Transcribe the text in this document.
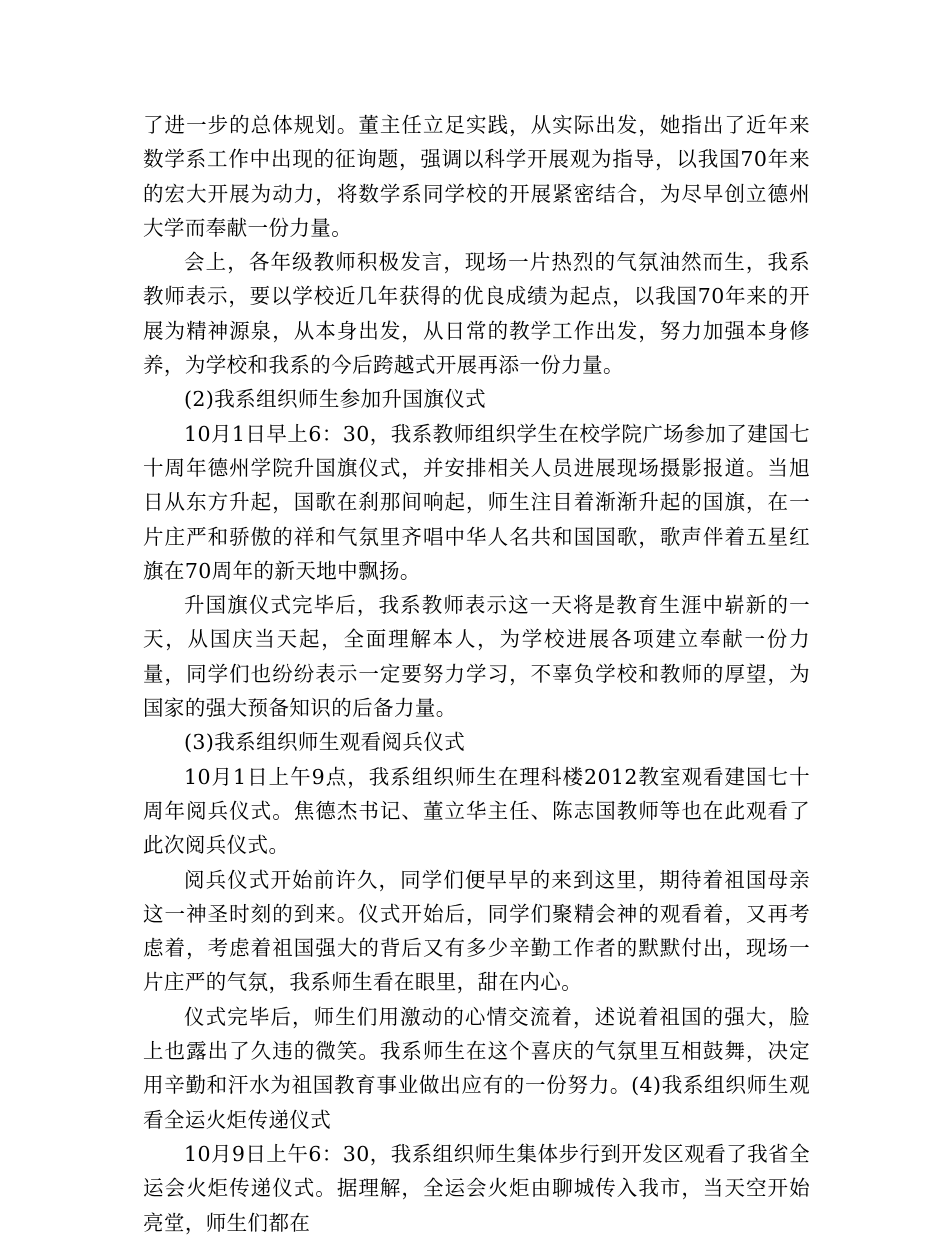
了进一步的总体规划。董主任立足实践，从实际出发，她指出了近年来数学系工作中出现的征询题，强调以科学开展观为指导，以我国70年来的宏大开展为动力，将数学系同学校的开展紧密结合，为尽早创立德州大学而奉献一份力量。

会上，各年级教师积极发言，现场一片热烈的气氛油然而生，我系教师表示，要以学校近几年获得的优良成绩为起点，以我国70年来的开展为精神源泉，从本身出发，从日常的教学工作出发，努力加强本身修养，为学校和我系的今后跨越式开展再添一份力量。

(2)我系组织师生参加升国旗仪式

10月1日早上6：30，我系教师组织学生在校学院广场参加了建国七十周年德州学院升国旗仪式，并安排相关人员进展现场摄影报道。当旭日从东方升起，国歌在刹那间响起，师生注目着渐渐升起的国旗，在一片庄严和骄傲的祥和气氛里齐唱中华人名共和国国歌，歌声伴着五星红旗在70周年的新天地中飘扬。

升国旗仪式完毕后，我系教师表示这一天将是教育生涯中崭新的一天，从国庆当天起，全面理解本人，为学校进展各项建立奉献一份力量，同学们也纷纷表示一定要努力学习，不辜负学校和教师的厚望，为国家的强大预备知识的后备力量。

(3)我系组织师生观看阅兵仪式

10月1日上午9点，我系组织师生在理科楼2012教室观看建国七十周年阅兵仪式。焦德杰书记、董立华主任、陈志国教师等也在此观看了此次阅兵仪式。

阅兵仪式开始前许久，同学们便早早的来到这里，期待着祖国母亲这一神圣时刻的到来。仪式开始后，同学们聚精会神的观看着，又再考虑着，考虑着祖国强大的背后又有多少辛勤工作者的默默付出，现场一片庄严的气氛，我系师生看在眼里，甜在内心。

仪式完毕后，师生们用激动的心情交流着，述说着祖国的强大，脸上也露出了久违的微笑。我系师生在这个喜庆的气氛里互相鼓舞，决定用辛勤和汗水为祖国教育事业做出应有的一份努力。(4)我系组织师生观看全运火炬传递仪式

10月9日上午6：30，我系组织师生集体步行到开发区观看了我省全运会火炬传递仪式。据理解，全运会火炬由聊城传入我市，当天空开始亮堂，师生们都在
